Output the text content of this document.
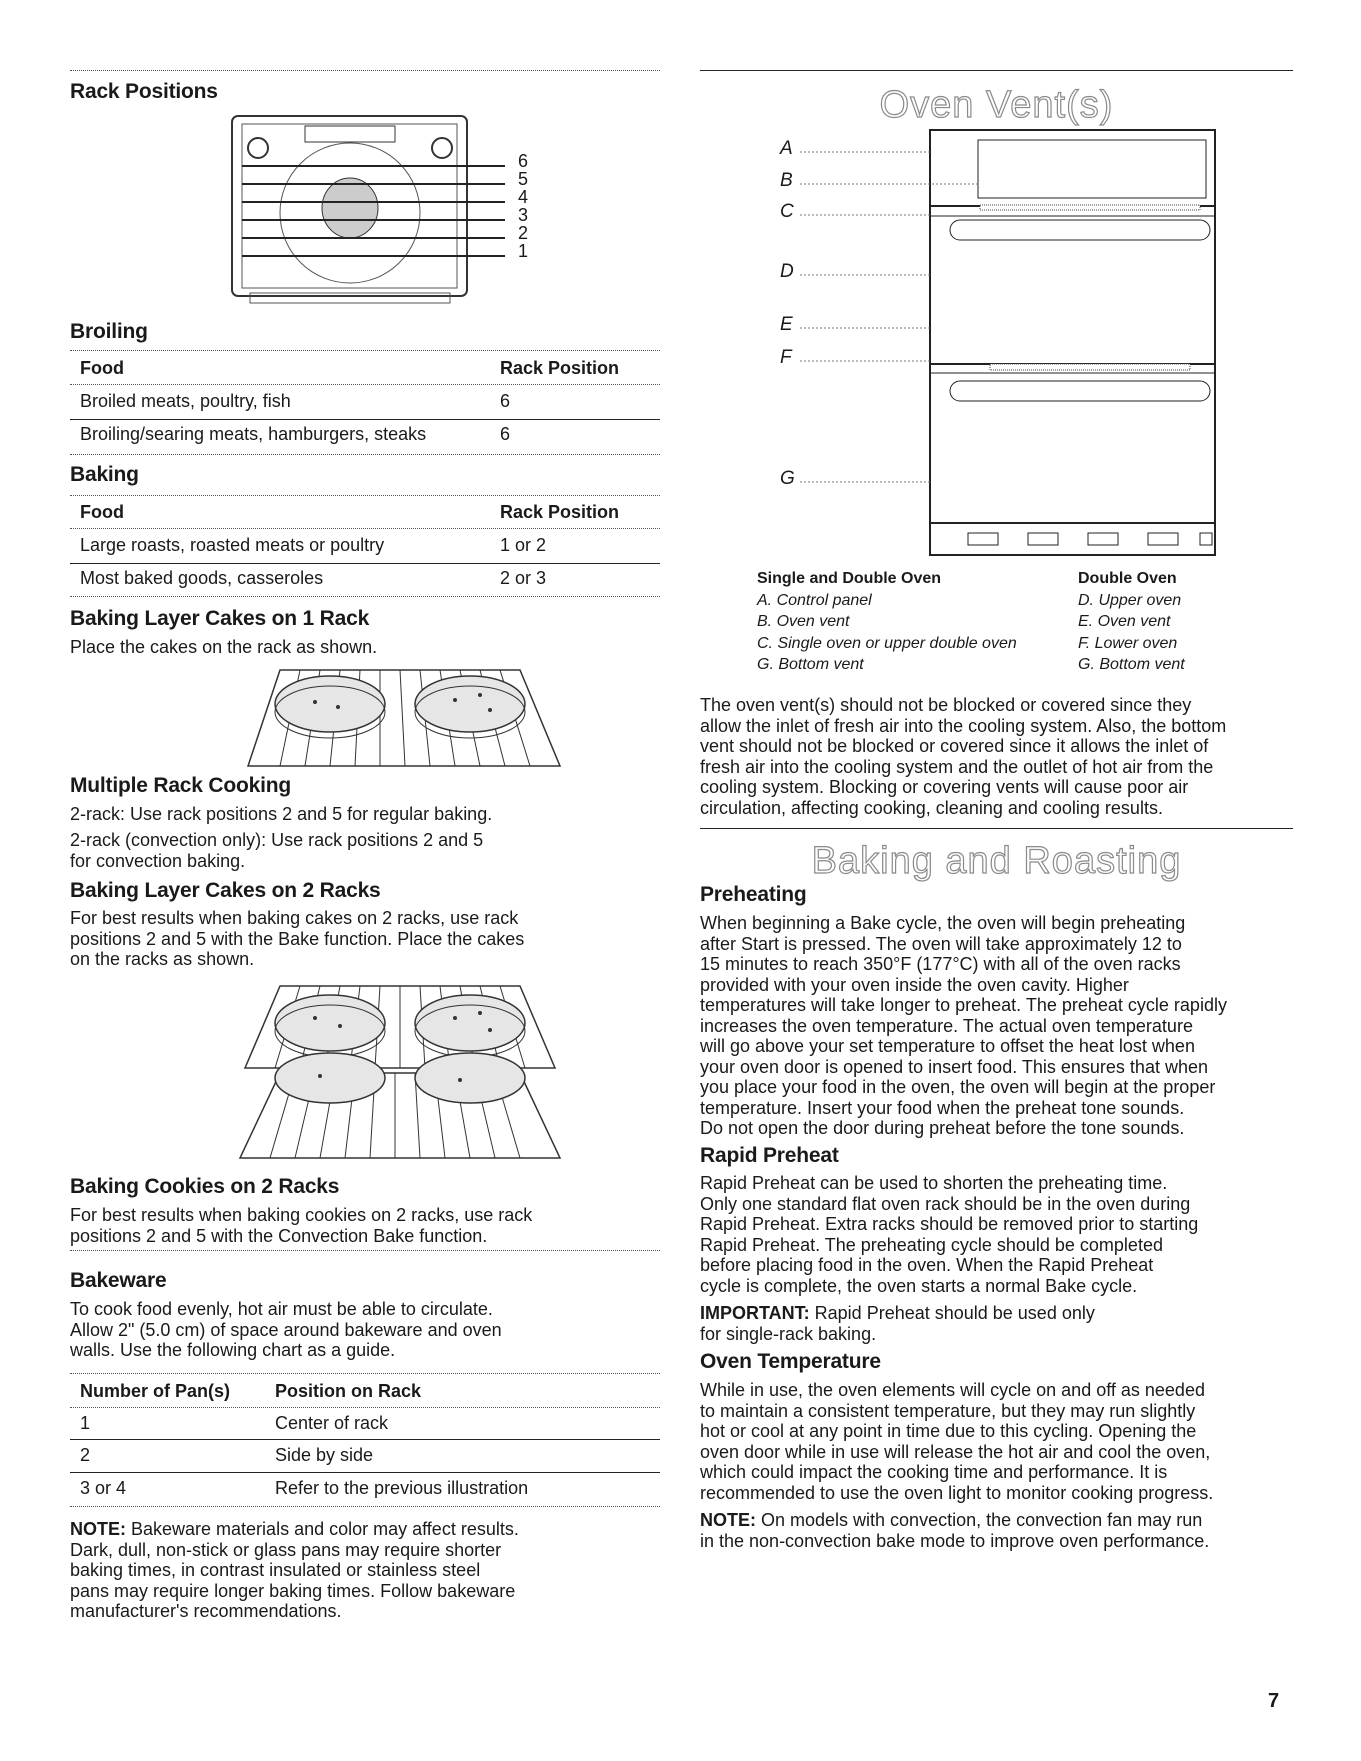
Rack Positions
6
5
4
3
2
1
Broiling
Food	Rack Position
Broiled meats, poultry, fish	6
Broiling/searing meats, hamburgers, steaks	6
Baking
Food	Rack Position
Large roasts, roasted meats or poultry	1 or 2
Most baked goods, casseroles	2 or 3
Baking Layer Cakes on 1 Rack

Place the cakes on the rack as shown.

Multiple Rack Cooking

2-rack: Use rack positions 2 and 5 for regular baking.

2-rack (convection only): Use rack positions 2 and 5

for convection baking.

Baking Layer Cakes on 2 Racks

For best results when baking cakes on 2 racks, use rack

positions 2 and 5 with the Bake function. Place the cakes

on the racks as shown.

Baking Cookies on 2 Racks

For best results when baking cookies on 2 racks, use rack

positions 2 and 5 with the Convection Bake function.

Bakeware

To cook food evenly, hot air must be able to circulate.

Allow 2" (5.0 cm) of space around bakeware and oven

walls. Use the following chart as a guide.

Number of Pan(s) Position on Rack
1	Center of rack
2	Side by side
3 or 4	Refer to the previous illustration

NOTE: Bakeware materials and color may affect results.

Dark, dull, non-stick or glass pans may require shorter

baking times, in contrast insulated or stainless steel

pans may require longer baking times. Follow bakeware

manufacturer's recommendations.

Oven Vent(s)
A
B
C
D
E
F
G
Single and Double Oven
A. Control panel
B. Oven vent
C. Single oven or upper double oven
G. Bottom vent
Double Oven
D. Upper oven
E. Oven vent
F. Lower oven
G. Bottom vent

The oven vent(s) should not be blocked or covered since they

allow the inlet of fresh air into the cooling system. Also, the bottom

vent should not be blocked or covered since it allows the inlet of

fresh air into the cooling system and the outlet of hot air from the

cooling system. Blocking or covering vents will cause poor air

circulation, affecting cooking, cleaning and cooling results.

Baking and Roasting
Preheating

When beginning a Bake cycle, the oven will begin preheating

after Start is pressed. The oven will take approximately 12 to

15 minutes to reach 350°F (177°C) with all of the oven racks

provided with your oven inside the oven cavity. Higher

temperatures will take longer to preheat. The preheat cycle rapidly

increases the oven temperature. The actual oven temperature

will go above your set temperature to offset the heat lost when

your oven door is opened to insert food. This ensures that when

you place your food in the oven, the oven will begin at the proper

temperature. Insert your food when the preheat tone sounds.

Do not open the door during preheat before the tone sounds.

Rapid Preheat

Rapid Preheat can be used to shorten the preheating time.

Only one standard flat oven rack should be in the oven during

Rapid Preheat. Extra racks should be removed prior to starting

Rapid Preheat. The preheating cycle should be completed

before placing food in the oven. When the Rapid Preheat

cycle is complete, the oven starts a normal Bake cycle.

IMPORTANT: Rapid Preheat should be used only

for single-rack baking.

Oven Temperature

While in use, the oven elements will cycle on and off as needed

to maintain a consistent temperature, but they may run slightly

hot or cool at any point in time due to this cycling. Opening the

oven door while in use will release the hot air and cool the oven,

which could impact the cooking time and performance. It is

recommended to use the oven light to monitor cooking progress.

NOTE: On models with convection, the convection fan may run

in the non-convection bake mode to improve oven performance.

7
